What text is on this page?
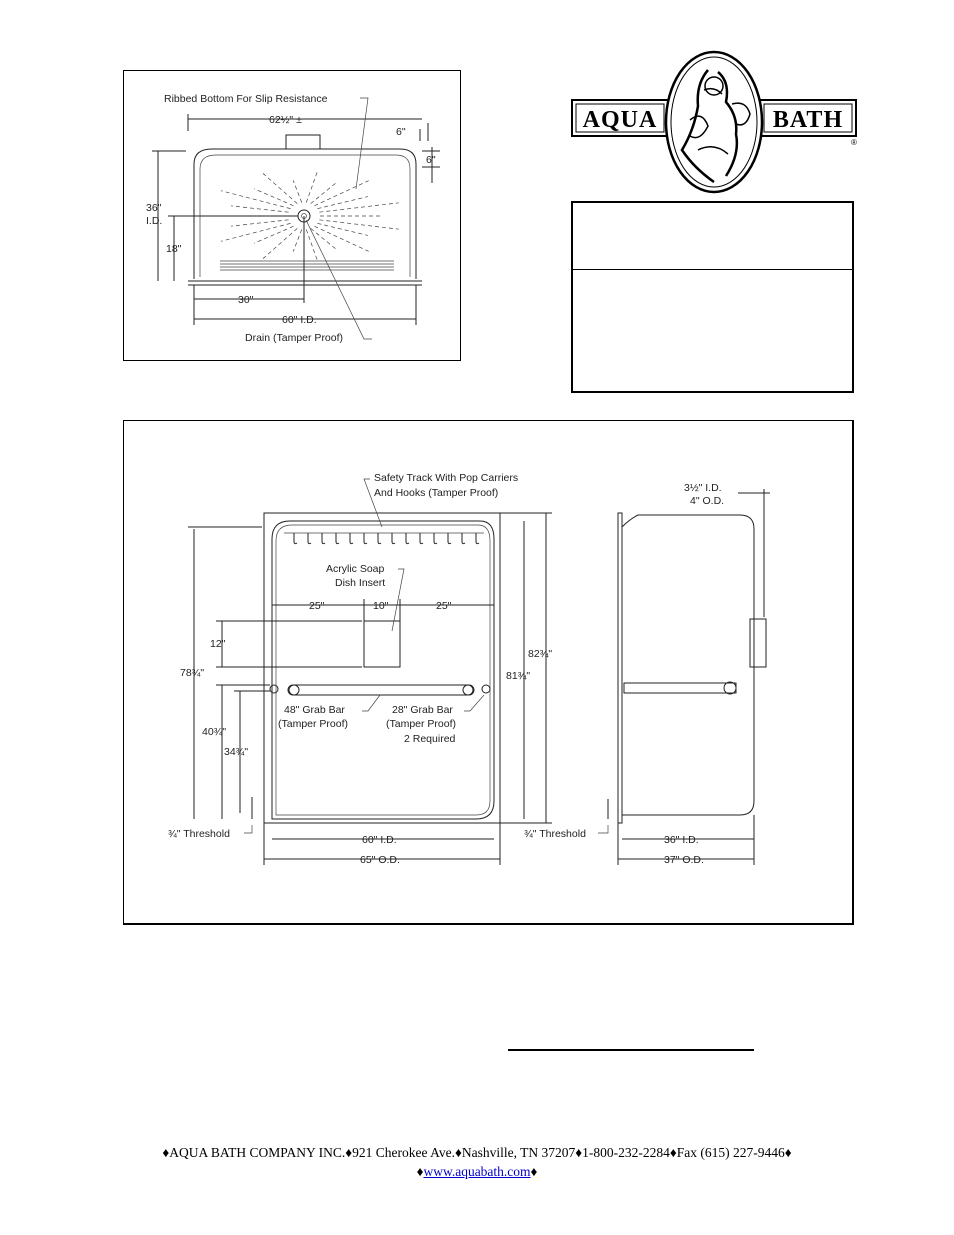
62½" ±
Ribbed Bottom For Slip Resistance
6"
6"
36"
I.D.
18"
30"
60" I.D.
Drain (Tamper Proof)
AQUA	BATH
®
Safety Track With Pop Carriers
And Hooks (Tamper Proof)
Acrylic Soap
Dish Insert
25"	10"	25"
78¾"
12"
40¾"
34¾"
¾" Threshold
82¾"
81¾"
48" Grab Bar
(Tamper Proof)
28" Grab Bar
(Tamper Proof)
2 Required
60" I.D.
65" O.D.
3½" I.D.
4" O.D.
¾" Threshold	36" I.D.
37" O.D.
♦AQUA BATH COMPANY INC.♦921 Cherokee Ave.♦Nashville, TN 37207♦1-800-232-2284♦Fax (615) 227-9446♦
♦www.aquabath.com♦
